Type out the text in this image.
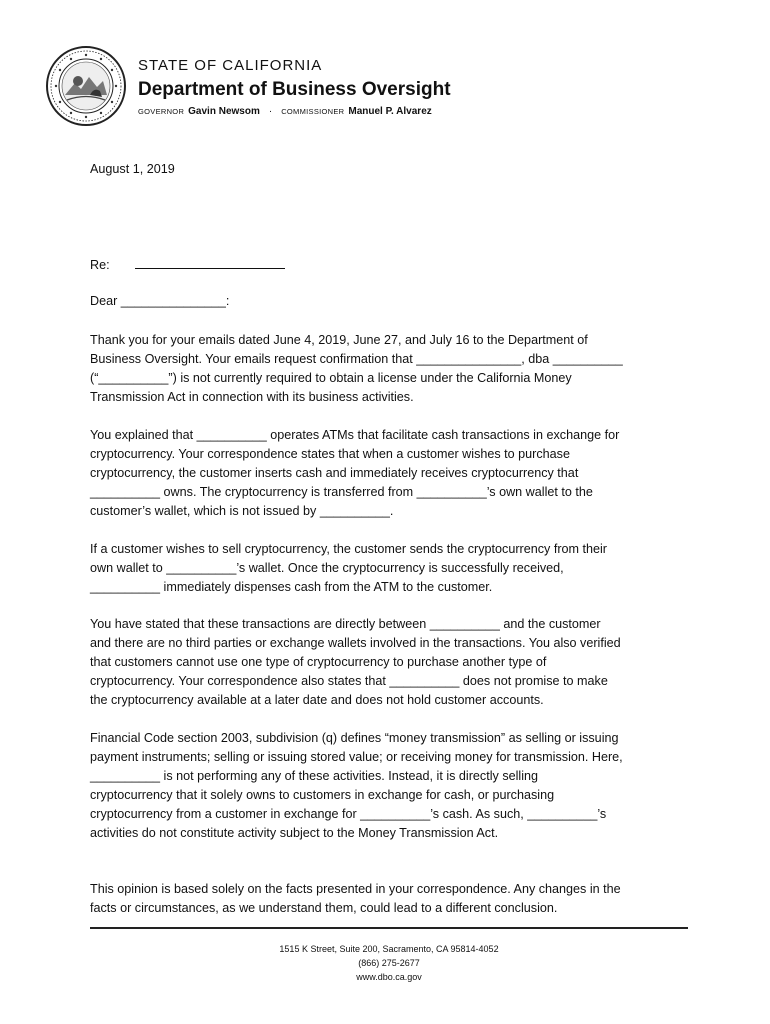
STATE OF CALIFORNIA
Department of Business Oversight
GOVERNOR Gavin Newsom · COMMISSIONER Manuel P. Alvarez
August 1, 2019
Re:
Dear _______________:
Thank you for your emails dated June 4, 2019, June 27, and July 16 to the Department of
Business Oversight. Your emails request confirmation that _______________, dba __________
(“__________”) is not currently required to obtain a license under the California Money
Transmission Act in connection with its business activities.
You explained that __________ operates ATMs that facilitate cash transactions in exchange for
cryptocurrency. Your correspondence states that when a customer wishes to purchase
cryptocurrency, the customer inserts cash and immediately receives cryptocurrency that
__________ owns. The cryptocurrency is transferred from __________’s own wallet to the
customer’s wallet, which is not issued by __________.
If a customer wishes to sell cryptocurrency, the customer sends the cryptocurrency from their
own wallet to __________’s wallet. Once the cryptocurrency is successfully received,
__________ immediately dispenses cash from the ATM to the customer.
You have stated that these transactions are directly between __________ and the customer
and there are no third parties or exchange wallets involved in the transactions. You also verified
that customers cannot use one type of cryptocurrency to purchase another type of
cryptocurrency. Your correspondence also states that __________ does not promise to make
the cryptocurrency available at a later date and does not hold customer accounts.
Financial Code section 2003, subdivision (q) defines “money transmission” as selling or issuing
payment instruments; selling or issuing stored value; or receiving money for transmission. Here,
__________ is not performing any of these activities. Instead, it is directly selling
cryptocurrency that it solely owns to customers in exchange for cash, or purchasing
cryptocurrency from a customer in exchange for __________’s cash. As such, __________’s
activities do not constitute activity subject to the Money Transmission Act.
This opinion is based solely on the facts presented in your correspondence. Any changes in the
facts or circumstances, as we understand them, could lead to a different conclusion.
1515 K Street, Suite 200, Sacramento, CA 95814-4052
(866) 275-2677
www.dbo.ca.gov
